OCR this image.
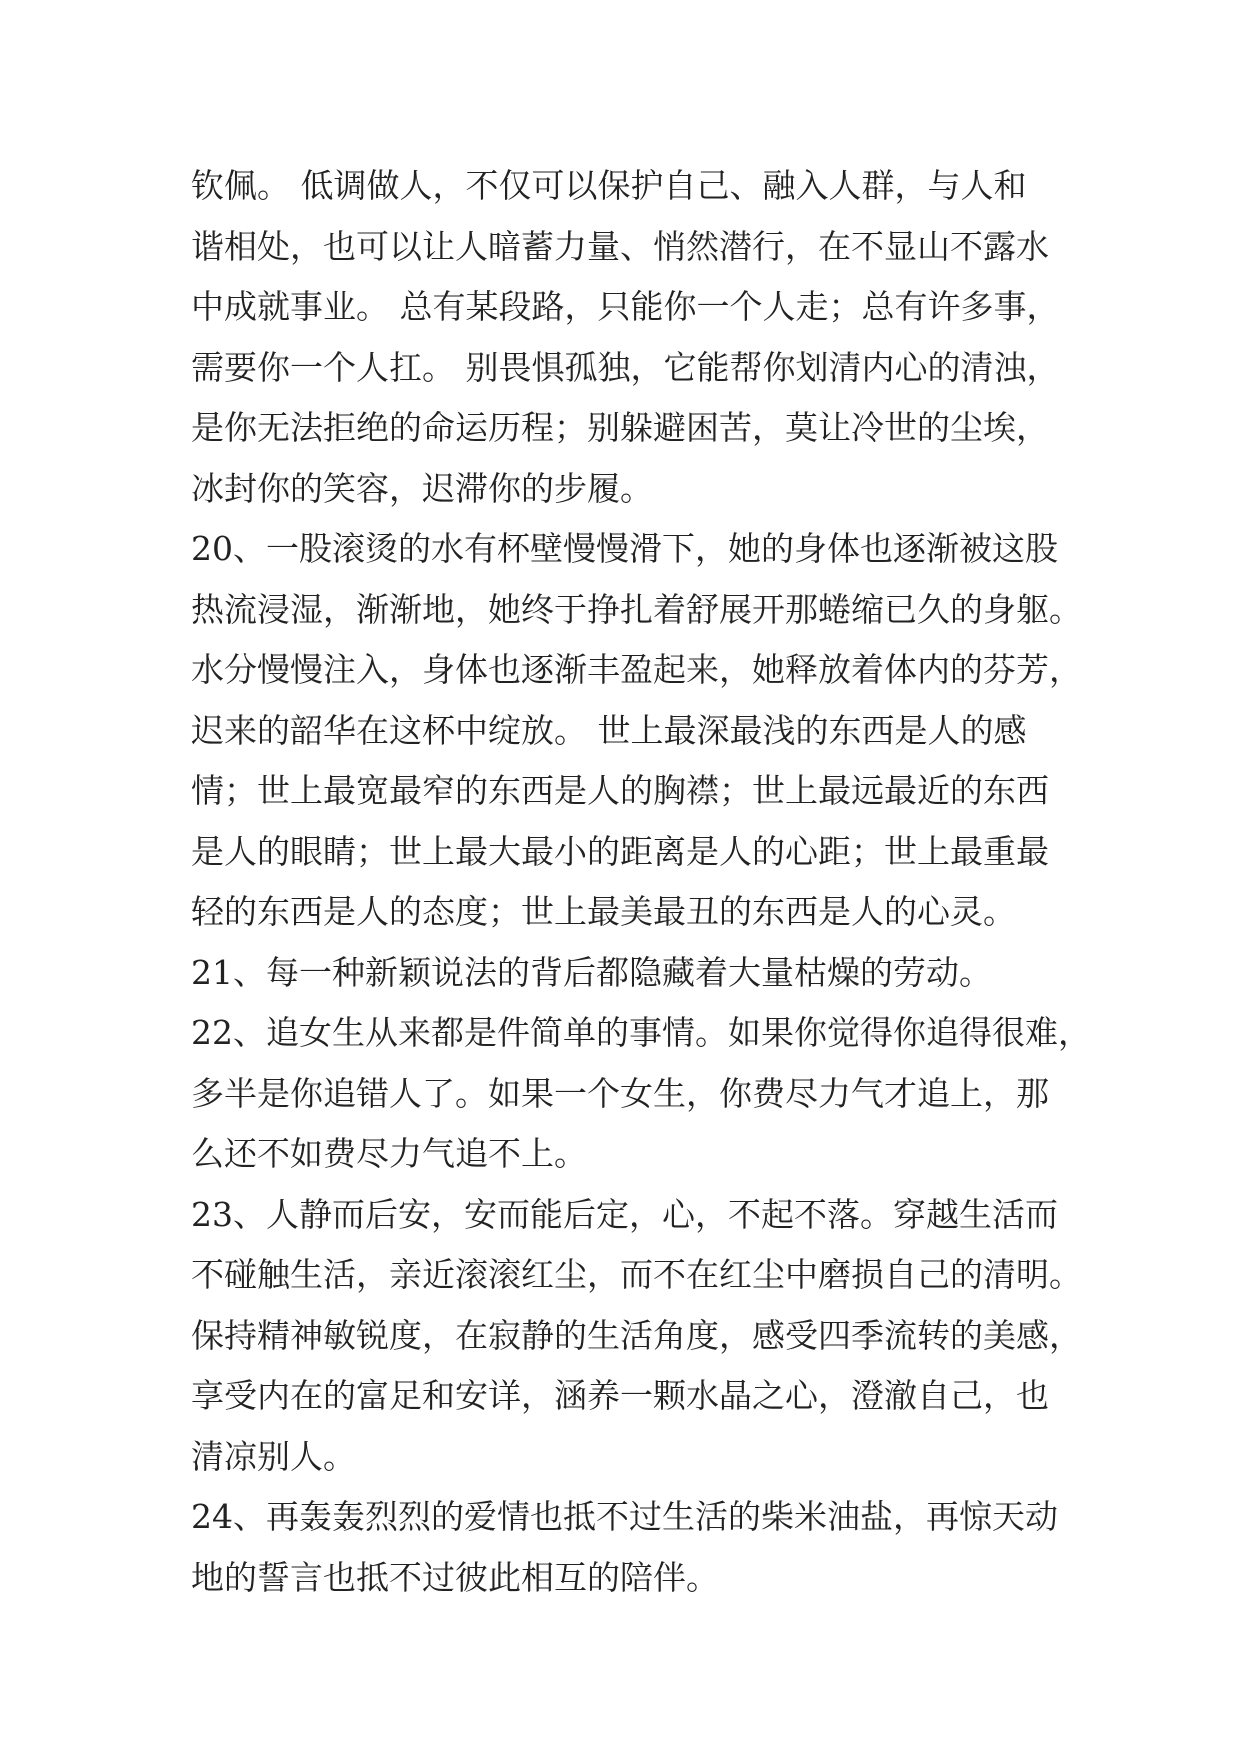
钦佩。 低调做人，不仅可以保护自己、融入人群，与人和
谐相处，也可以让人暗蓄力量、悄然潜行，在不显山不露水
中成就事业。 总有某段路，只能你一个人走；总有许多事，
需要你一个人扛。 别畏惧孤独，它能帮你划清内心的清浊，
是你无法拒绝的命运历程；别躲避困苦，莫让冷世的尘埃，
冰封你的笑容，迟滞你的步履。
20、一股滚烫的水有杯壁慢慢滑下，她的身体也逐渐被这股
热流浸湿，渐渐地，她终于挣扎着舒展开那蜷缩已久的身躯。
水分慢慢注入，身体也逐渐丰盈起来，她释放着体内的芬芳，
迟来的韶华在这杯中绽放。 世上最深最浅的东西是人的感
情；世上最宽最窄的东西是人的胸襟；世上最远最近的东西
是人的眼睛；世上最大最小的距离是人的心距；世上最重最
轻的东西是人的态度；世上最美最丑的东西是人的心灵。
21、每一种新颖说法的背后都隐藏着大量枯燥的劳动。
22、追女生从来都是件简单的事情。如果你觉得你追得很难，
多半是你追错人了。如果一个女生，你费尽力气才追上，那
么还不如费尽力气追不上。
23、人静而后安，安而能后定，心，不起不落。穿越生活而
不碰触生活，亲近滚滚红尘，而不在红尘中磨损自己的清明。
保持精神敏锐度，在寂静的生活角度，感受四季流转的美感，
享受内在的富足和安详，涵养一颗水晶之心，澄澈自己，也
清凉别人。
24、再轰轰烈烈的爱情也抵不过生活的柴米油盐，再惊天动
地的誓言也抵不过彼此相互的陪伴。
